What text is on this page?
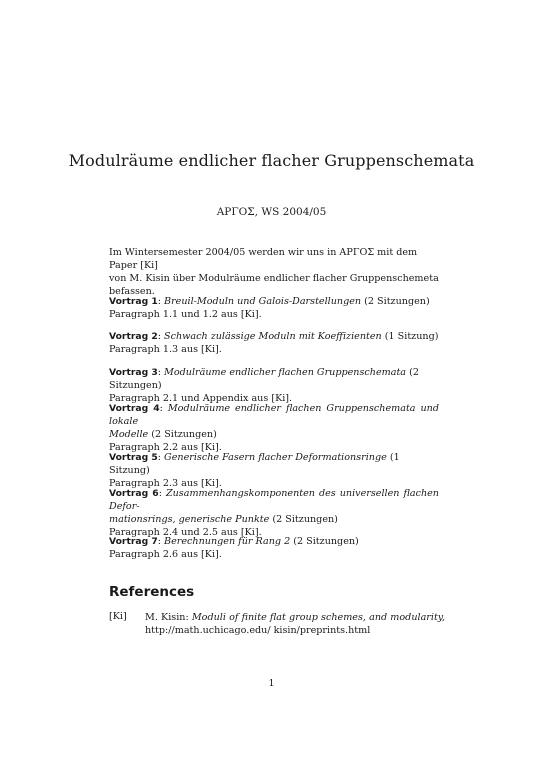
Modulräume endlicher flacher Gruppenschemata
ΑΡΓΟΣ, WS 2004/05
Im Wintersemester 2004/05 werden wir uns in ΑΡΓΟΣ mit dem Paper [Ki]
von M. Kisin über Modulräume endlicher flacher Gruppenschemeta befassen.
Vortrag 1: Breuil-Moduln und Galois-Darstellungen (2 Sitzungen)
Paragraph 1.1 und 1.2 aus [Ki].
Vortrag 2: Schwach zulässige Moduln mit Koeffizienten (1 Sitzung)
Paragraph 1.3 aus [Ki].
Vortrag 3: Modulräume endlicher flachen Gruppenschemata (2 Sitzungen)
Paragraph 2.1 und Appendix aus [Ki].
Vortrag 4: Modulräume endlicher flachen Gruppenschemata und lokale
Modelle (2 Sitzungen)
Paragraph 2.2 aus [Ki].
Vortrag 5: Generische Fasern flacher Deformationsringe (1 Sitzung)
Paragraph 2.3 aus [Ki].
Vortrag 6: Zusammenhangskomponenten des universellen flachen Defor-
mationsrings, generische Punkte (2 Sitzungen)
Paragraph 2.4 und 2.5 aus [Ki].
Vortrag 7: Berechnungen für Rang 2 (2 Sitzungen)
Paragraph 2.6 aus [Ki].
References
[Ki] M. Kisin: Moduli of finite flat group schemes, and modularity,
http://math.uchicago.edu/ kisin/preprints.html
1
